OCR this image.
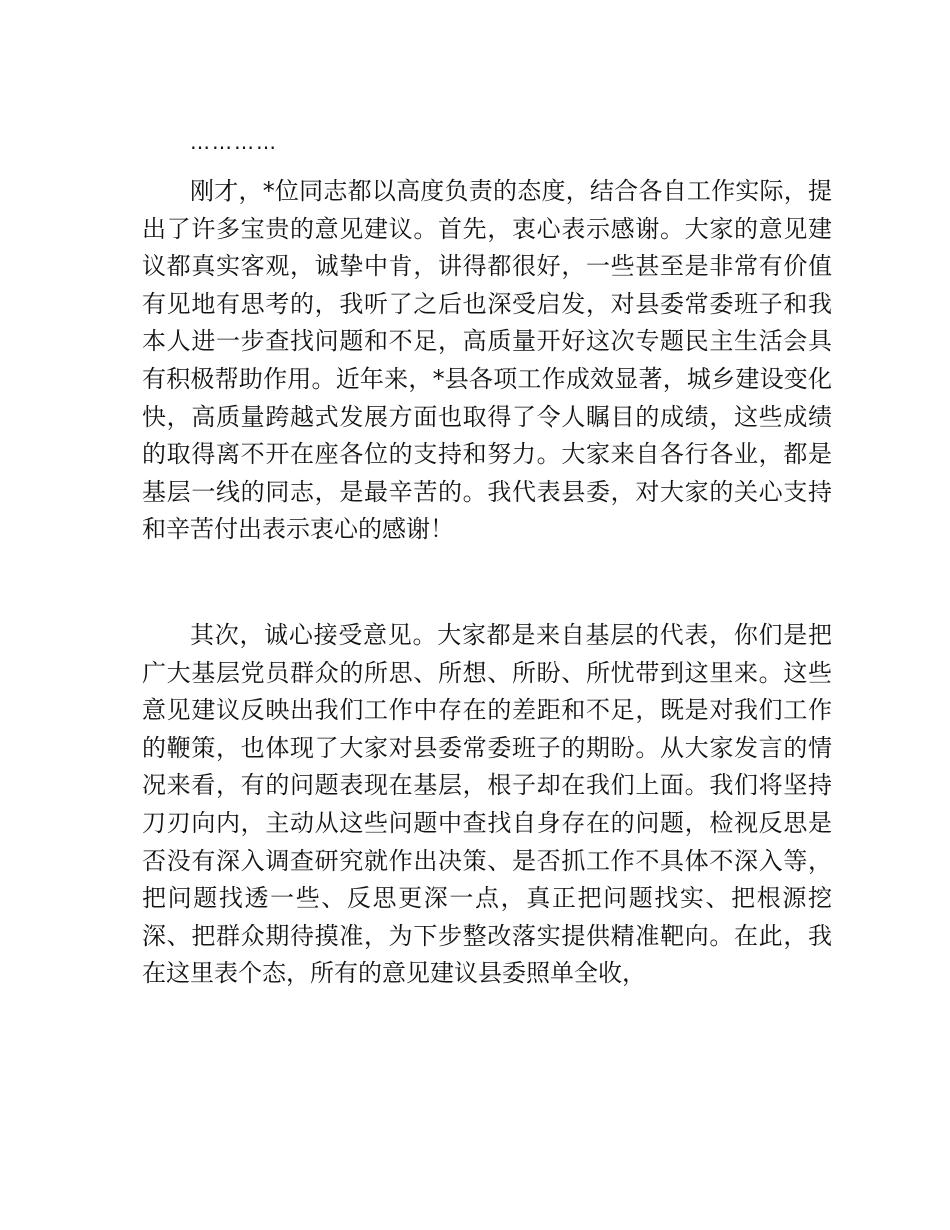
…………

刚才，*位同志都以高度负责的态度，结合各自工作实际，提出了许多宝贵的意见建议。首先，衷心表示感谢。大家的意见建议都真实客观，诚挚中肯，讲得都很好，一些甚至是非常有价值有见地有思考的，我听了之后也深受启发，对县委常委班子和我本人进一步查找问题和不足，高质量开好这次专题民主生活会具有积极帮助作用。近年来，*县各项工作成效显著，城乡建设变化快，高质量跨越式发展方面也取得了令人瞩目的成绩，这些成绩的取得离不开在座各位的支持和努力。大家来自各行各业，都是基层一线的同志，是最辛苦的。我代表县委，对大家的关心支持和辛苦付出表示衷心的感谢！

其次，诚心接受意见。大家都是来自基层的代表，你们是把广大基层党员群众的所思、所想、所盼、所忧带到这里来。这些意见建议反映出我们工作中存在的差距和不足，既是对我们工作的鞭策，也体现了大家对县委常委班子的期盼。从大家发言的情况来看，有的问题表现在基层，根子却在我们上面。我们将坚持刀刃向内，主动从这些问题中查找自身存在的问题，检视反思是否没有深入调查研究就作出决策、是否抓工作不具体不深入等，把问题找透一些、反思更深一点，真正把问题找实、把根源挖深、把群众期待摸准，为下步整改落实提供精准靶向。在此，我在这里表个态，所有的意见建议县委照单全收，
